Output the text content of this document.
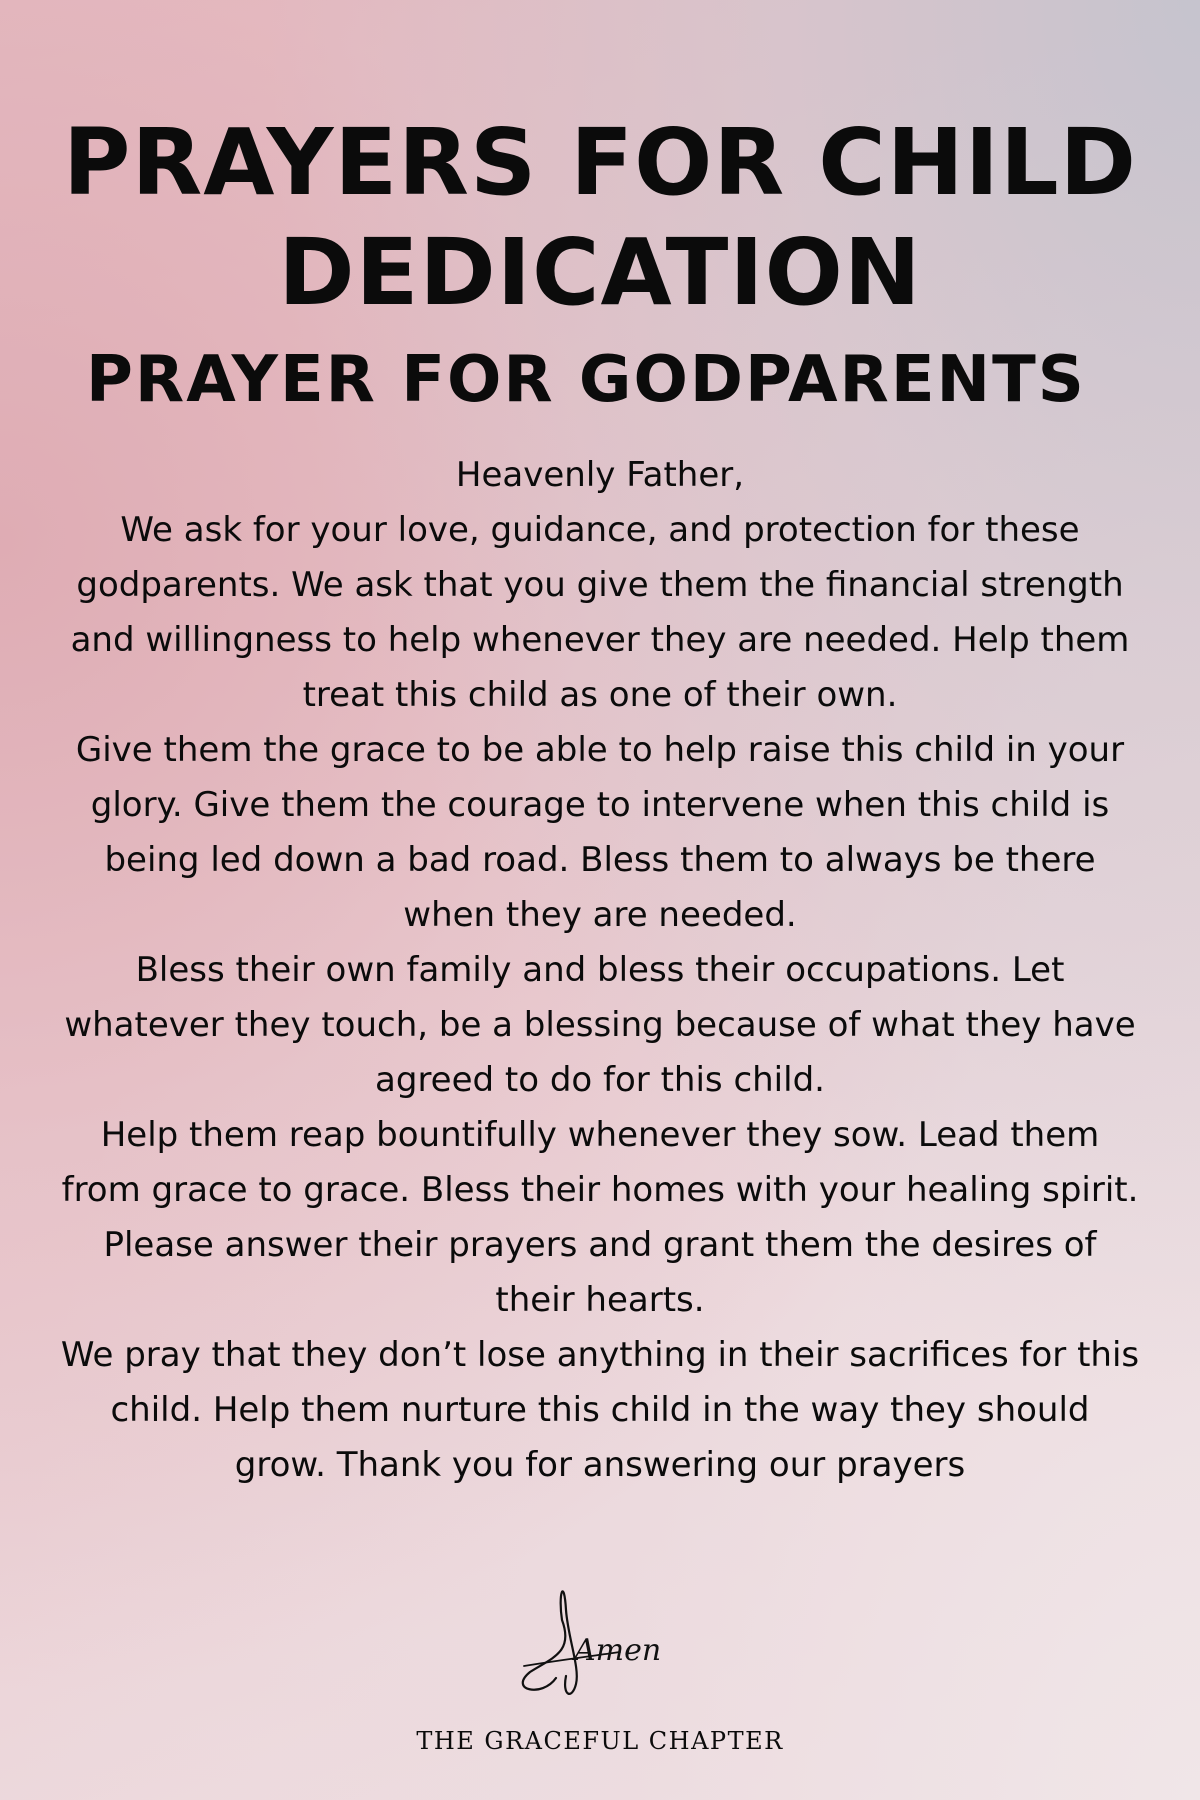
PRAYERS FOR CHILD DEDICATION
PRAYER FOR GODPARENTS

Heavenly Father,

We ask for your love, guidance, and protection for these godparents. We ask that you give them the financial strength and willingness to help whenever they are needed. Help them treat this child as one of their own.

Give them the grace to be able to help raise this child in your glory. Give them the courage to intervene when this child is being led down a bad road. Bless them to always be there when they are needed.

Bless their own family and bless their occupations. Let whatever they touch, be a blessing because of what they have agreed to do for this child.

Help them reap bountifully whenever they sow. Lead them from grace to grace. Bless their homes with your healing spirit. Please answer their prayers and grant them the desires of their hearts.

We pray that they don’t lose anything in their sacrifices for this child. Help them nurture this child in the way they should grow. Thank you for answering our prayers

Amen
THE GRACEFUL CHAPTER
